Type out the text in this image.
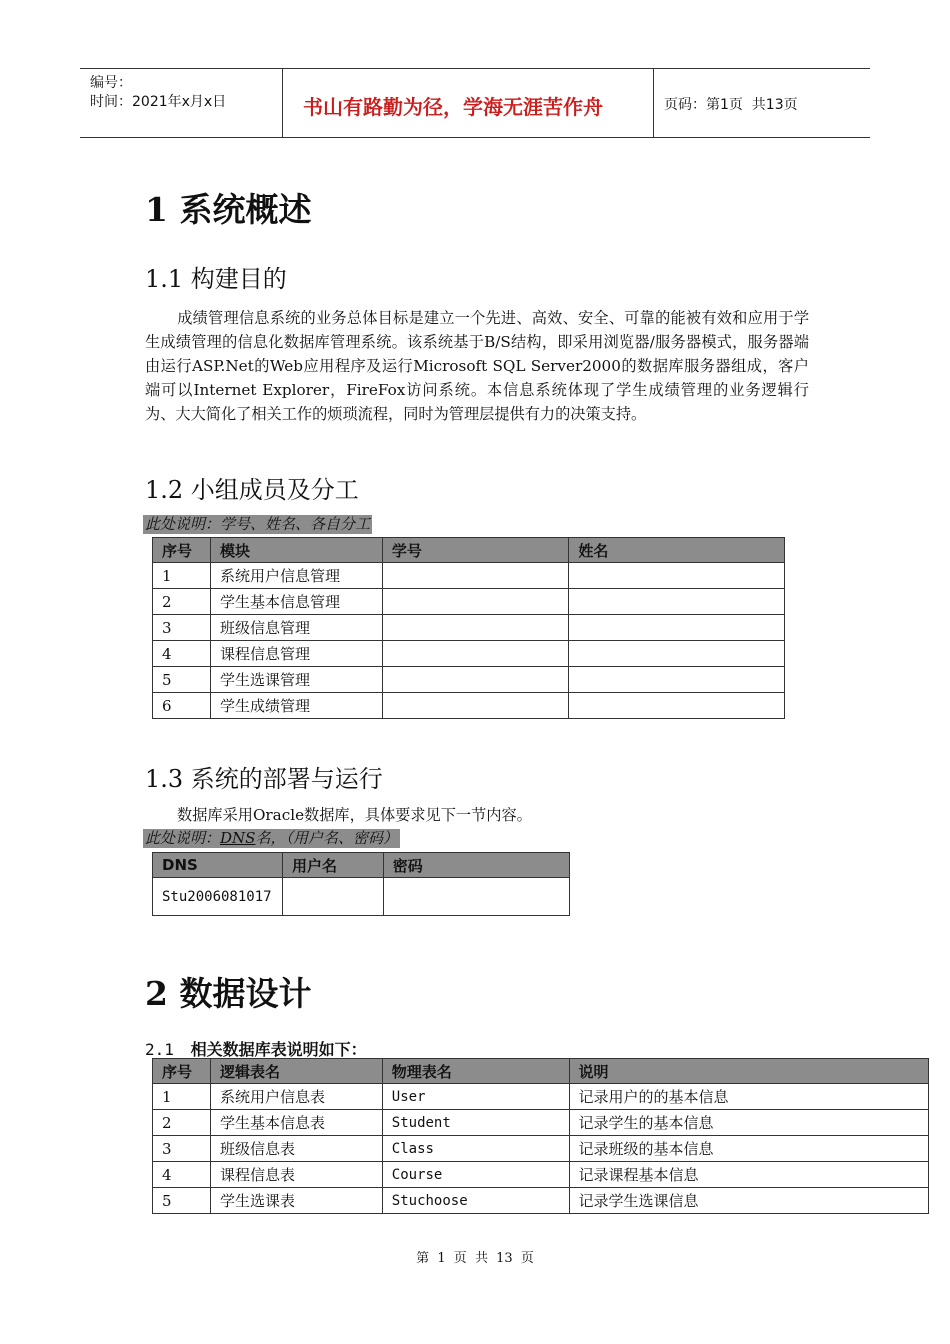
编号：
时间：2021年x月x日	书山有路勤为径，学海无涯苦作舟	页码：第1页  共13页
1 系统概述
1.1 构建目的
成绩管理信息系统的业务总体目标是建立一个先进、高效、安全、可靠的能被有效和应用于学生成绩管理的信息化数据库管理系统。该系统基于B/S结构，即采用浏览器/服务器模式，服务器端由运行ASP.Net的Web应用程序及运行Microsoft SQL Server2000的数据库服务器组成，客户端可以Internet Explorer，FireFox访问系统。本信息系统体现了学生成绩管理的业务逻辑行为、大大简化了相关工作的烦琐流程，同时为管理层提供有力的决策支持。
1.2 小组成员及分工
此处说明：学号、姓名、各自分工
序号	模块	学号	姓名
1	系统用户信息管理		
2	学生基本信息管理		
3	班级信息管理		
4	课程信息管理		
5	学生选课管理		
6	学生成绩管理		
1.3 系统的部署与运行
数据库采用Oracle数据库，具体要求见下一节内容。
此处说明：DNS名，（用户名、密码）
DNS	用户名	密码
Stu2006081017		
2 数据设计
2.1 相关数据库表说明如下：
序号	逻辑表名	物理表名	说明
1	系统用户信息表	User	记录用户的的基本信息
2	学生基本信息表	Student	记录学生的基本信息
3	班级信息表	Class	记录班级的基本信息
4	课程信息表	Course	记录课程基本信息
5	学生选课表	Stuchoose	记录学生选课信息
第 1 页  共 13 页
